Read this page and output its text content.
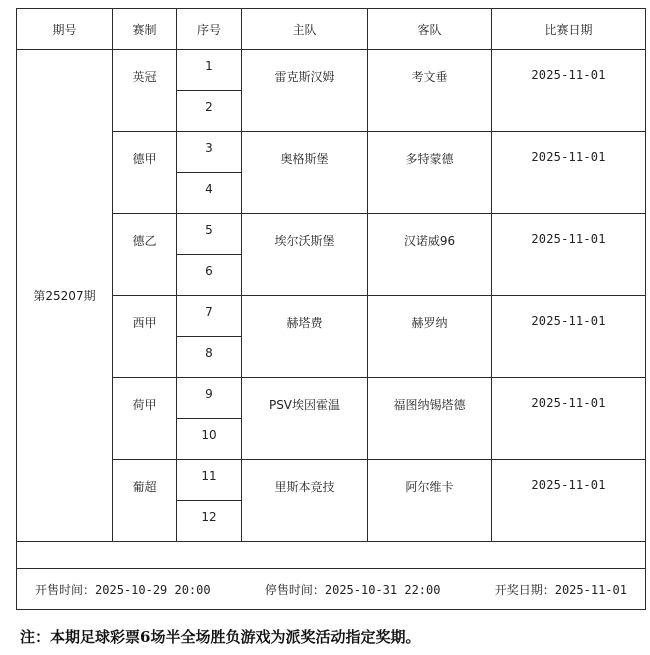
期号	赛制	序号	主队	客队	比赛日期
第25207期	英冠	1	雷克斯汉姆	考文垂	2025-11-01
		2			
	德甲	3	奥格斯堡	多特蒙德	2025-11-01
		4			
	德乙	5	埃尔沃斯堡	汉诺威96	2025-11-01
		6			
	西甲	7	赫塔费	赫罗纳	2025-11-01
		8			
	荷甲	9	PSV埃因霍温	福图纳锡塔德	2025-11-01
		10			
	葡超	11	里斯本竞技	阿尔维卡	2025-11-01
		12			

开售时间：2025-10-29 20:00 停售时间：2025-10-31 22:00 开奖日期：2025-11-01					
注：本期足球彩票6场半全场胜负游戏为派奖活动指定奖期。
